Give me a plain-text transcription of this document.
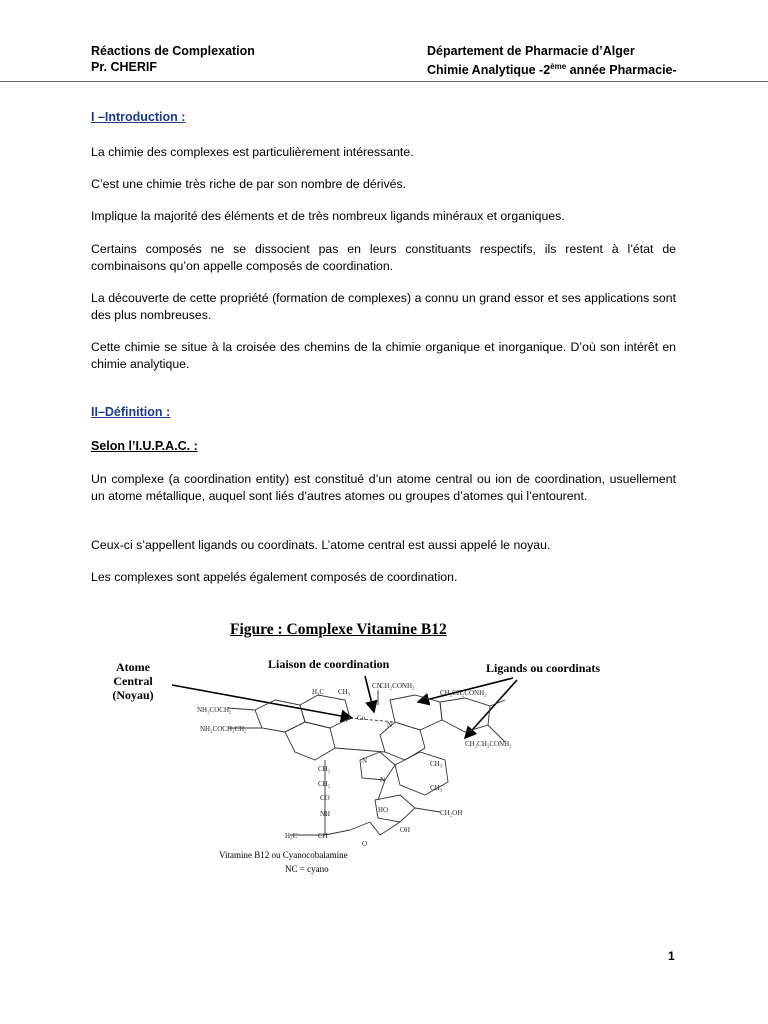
Réactions de Complexation
Pr. CHERIF
Département de Pharmacie d’Alger
Chimie Analytique -2ème année Pharmacie-
I –Introduction :
La chimie des complexes est particulièrement intéressante.
C’est une chimie très riche de par son nombre de dérivés.
Implique la majorité des éléments et de très nombreux ligands minéraux et organiques.
Certains composés ne se dissocient pas en leurs constituants respectifs, ils restent à l’état de combinaisons qu’on appelle composés de coordination.
La découverte de cette propriété (formation de complexes) a connu un grand essor et ses applications sont des plus nombreuses.
Cette chimie se situe à la croisée des chemins de la chimie organique et inorganique. D’où son intérêt en chimie analytique.
II–Définition :
Selon l’I.U.P.A.C. :
Un complexe (a coordination entity) est constitué d’un atome central ou ion de coordination, usuellement un atome métallique, auquel sont liés d’autres atomes ou groupes d’atomes qui l’entourent.
Ceux-ci s’appellent ligands ou coordinats. L’atome central est aussi appelé le noyau.
Les complexes sont appelés également composés de coordination.
Figure : Complexe Vitamine B12
Atome
Central
(Noyau)
Liaison de coordination	Ligands ou coordinats
N Co
N
CN
CH₂CONH₂
CH₂CH₂CONH₂
NH₂COCH₂
NH₂COCH₂CH₂
CH₂CH₂CONH₂
H₃C CH₃
CH₃
CH₃
CH₂
CH₂
CO
NH
H₃C	CH
CH₂OH
HO
O
OH
N
N
Vitamine B12 ou Cyanocobalamine
NC = cyano
1
